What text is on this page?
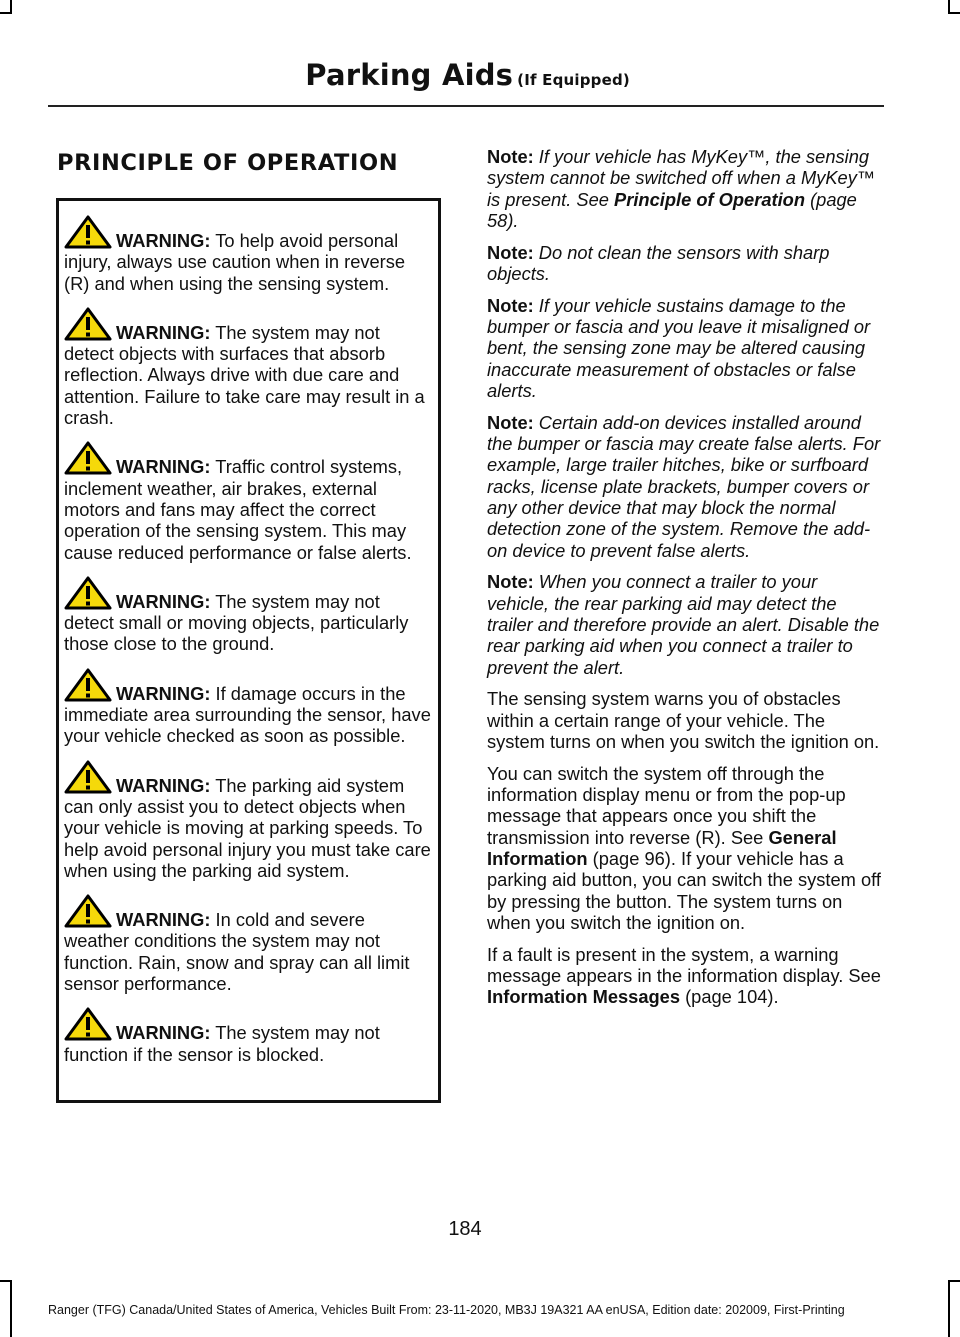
Parking Aids (If Equipped)
PRINCIPLE OF OPERATION

WARNING: To help avoid personal injury, always use caution when in reverse (R) and when using the sensing system.

WARNING: The system may not detect objects with surfaces that absorb reflection. Always drive with due care and attention. Failure to take care may result in a crash.

WARNING: Traffic control systems, inclement weather, air brakes, external motors and fans may affect the correct operation of the sensing system. This may cause reduced performance or false alerts.

WARNING: The system may not detect small or moving objects, particularly those close to the ground.

WARNING: If damage occurs in the immediate area surrounding the sensor, have your vehicle checked as soon as possible.

WARNING: The parking aid system can only assist you to detect objects when your vehicle is moving at parking speeds. To help avoid personal injury you must take care when using the parking aid system.

WARNING: In cold and severe weather conditions the system may not function. Rain, snow and spray can all limit sensor performance.

WARNING: The system may not function if the sensor is blocked.

Note: If your vehicle has MyKey™, the sensing system cannot be switched off when a MyKey™ is present. See Principle of Operation (page 58).

Note: Do not clean the sensors with sharp objects.

Note: If your vehicle sustains damage to the bumper or fascia and you leave it misaligned or bent, the sensing zone may be altered causing inaccurate measurement of obstacles or false alerts.

Note: Certain add-on devices installed around the bumper or fascia may create false alerts. For example, large trailer hitches, bike or surfboard racks, license plate brackets, bumper covers or any other device that may block the normal detection zone of the system. Remove the add-on device to prevent false alerts.

Note: When you connect a trailer to your vehicle, the rear parking aid may detect the trailer and therefore provide an alert. Disable the rear parking aid when you connect a trailer to prevent the alert.

The sensing system warns you of obstacles within a certain range of your vehicle. The system turns on when you switch the ignition on.

You can switch the system off through the information display menu or from the pop-up message that appears once you shift the transmission into reverse (R). See General Information (page 96). If your vehicle has a parking aid button, you can switch the system off by pressing the button. The system turns on when you switch the ignition on.

If a fault is present in the system, a warning message appears in the information display. See Information Messages (page 104).

184
Ranger (TFG) Canada/United States of America, Vehicles Built From: 23-11-2020, MB3J 19A321 AA enUSA, Edition date: 202009, First-Printing
